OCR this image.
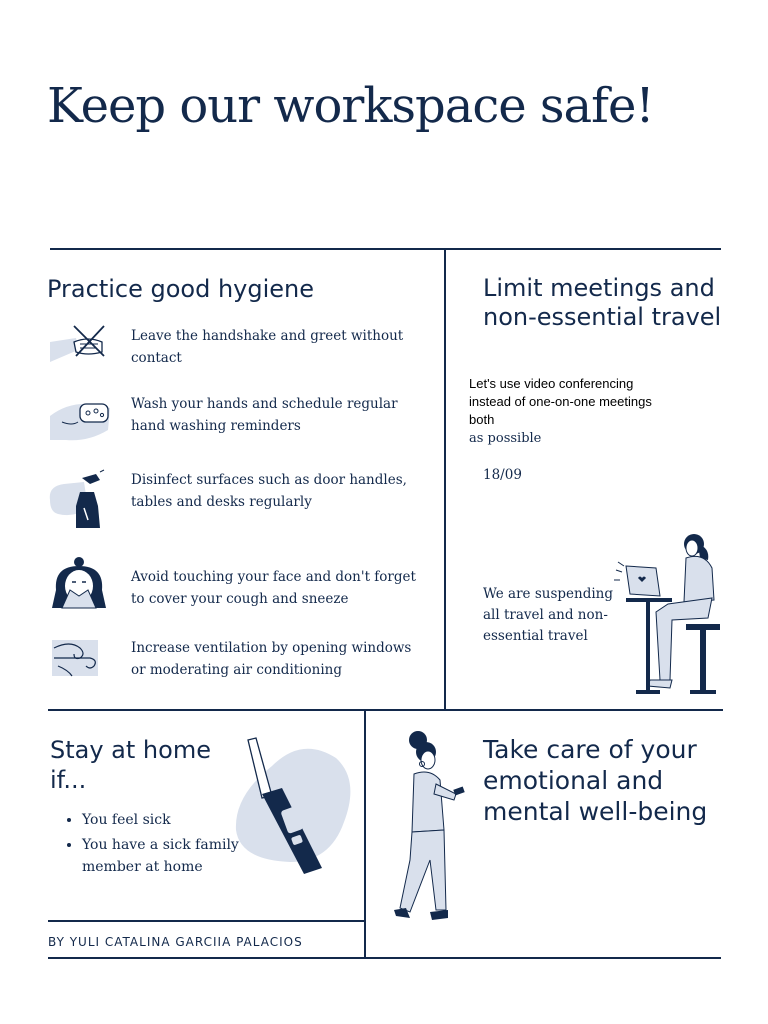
Keep our workspace safe!
Practice good hygiene
Leave the handshake and greet without contact
Wash your hands and schedule regular hand washing reminders
Disinfect surfaces such as door handles, tables and desks regularly
Avoid touching your face and don't forget to cover your cough and sneeze
Increase ventilation by opening windows or moderating air conditioning
Limit meetings and
non-essential travel
Let's use video conferencing
instead of one-on-one meetings
both
as possible
18/09
We are suspending all travel and non-essential travel
Stay at home if...
• You feel sick
• You have a sick family member at home
Take care of your emotional and mental well-being
BY YULI CATALINA GARCIIA PALACIOS
